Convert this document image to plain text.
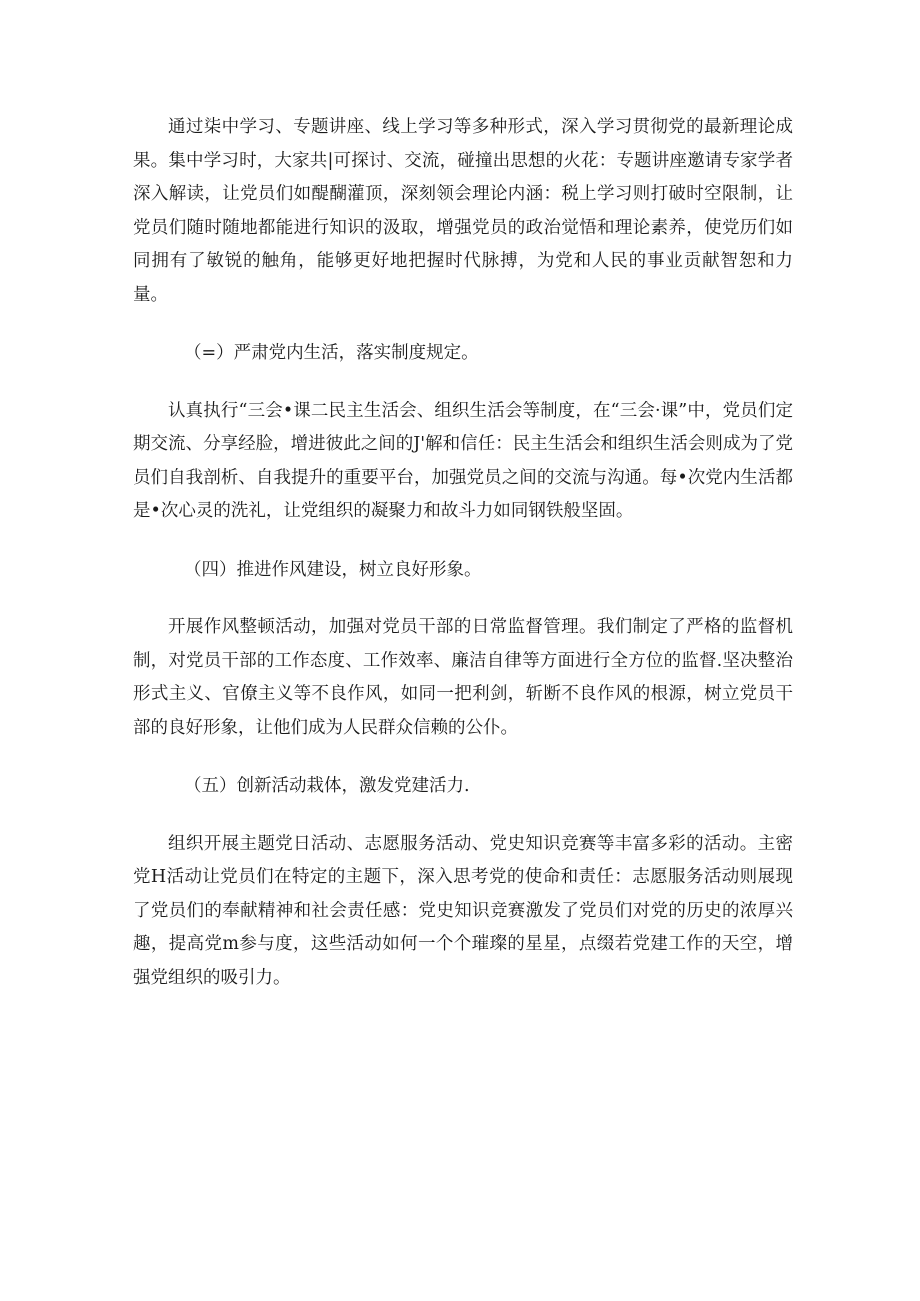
通过柒中学习、专题讲座、线上学习等多种形式，深入学习贯彻党的最新理论成果。集中学习时，大家共|可探讨、交流，碰撞出思想的火花：专题讲座邀请专家学者深入解读，让党员们如醍醐灌顶，深刻领会理论内涵：税上学习则打破时空限制，让党员们随时随地都能进行知识的汲取，增强党员的政治觉悟和理论素养，使党历们如同拥有了敏锐的触角，能够更好地把握时代脉搏，为党和人民的事业贡献智恕和力量。

（=）严肃党内生活，落实制度规定。

认真执行“三会•课二民主生活会、组织生活会等制度，在“三会·课”中，党员们定期交流、分享经脸，增进彼此之间的J'解和信任：民主生活会和组织生活会则成为了党员们自我剖析、自我提升的重要平台，加强党员之间的交流与沟通。每•次党内生活都是•次心灵的洗礼，让党组织的凝聚力和故斗力如同钢铁般坚固。

（四）推进作风建设，树立良好形象。

开展作风整顿活动，加强对党员干部的日常监督管理。我们制定了严格的监督机制，对党员干部的工作态度、工作效率、廉洁自律等方面进行全方位的监督.坚决整治形式主义、官僚主义等不良作风，如同一把利剑，斩断不良作风的根源，树立党员干部的良好形象，让他们成为人民群众信赖的公仆。

（五）创新活动栽体，激发党建活力.

组织开展主题党日活动、志愿服务活动、党史知识竞赛等丰富多彩的活动。主密党H活动让党员们在特定的主题下，深入思考党的使命和责任：志愿服务活动则展现了党员们的奉献精神和社会责任感：党史知识竞赛激发了党员们对党的历史的浓厚兴趣，提高党m参与度，这些活动如何一个个璀璨的星星，点缀若党建工作的天空，增强党组织的吸引力。
